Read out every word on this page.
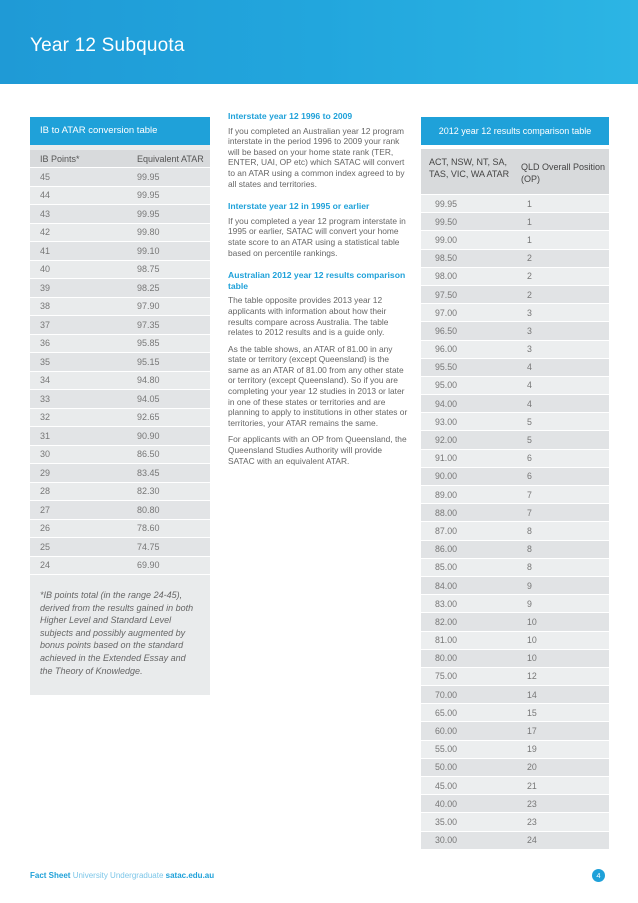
Year 12 Subquota
IB to ATAR conversion table
IB Points*	Equivalent ATAR
45	99.95
44	99.95
43	99.95
42	99.80
41	99.10
40	98.75
39	98.25
38	97.90
37	97.35
36	95.85
35	95.15
34	94.80
33	94.05
32	92.65
31	90.90
30	86.50
29	83.45
28	82.30
27	80.80
26	78.60
25	74.75
24	69.90
*IB points total (in the range 24-45), derived from the results gained in both Higher Level and Standard Level subjects and possibly augmented by bonus points based on the standard achieved in the Extended Essay and the Theory of Knowledge.
Interstate year 12 1996 to 2009

If you completed an Australian year 12 program interstate in the period 1996 to 2009 your rank will be based on your home state rank (TER, ENTER, UAI, OP etc) which SATAC will convert to an ATAR using a common index agreed to by all states and territories.

Interstate year 12 in 1995 or earlier

If you completed a year 12 program interstate in 1995 or earlier, SATAC will convert your home state score to an ATAR using a statistical table based on percentile rankings.

Australian 2012 year 12 results comparison table

The table opposite provides 2013 year 12 applicants with information about how their results compare across Australia. The table relates to 2012 results and is a guide only.

As the table shows, an ATAR of 81.00 in any state or territory (except Queensland) is the same as an ATAR of 81.00 from any other state or territory (except Queensland). So if you are completing your year 12 studies in 2013 or later in one of these states or territories and are planning to apply to institutions in other states or territories, your ATAR remains the same.

For applicants with an OP from Queensland, the Queensland Studies Authority will provide SATAC with an equivalent ATAR.

2012 year 12 results comparison table
ACT, NSW, NT, SA, TAS, VIC, WA ATAR
QLD Overall Position (OP)
99.95	1
99.50	1
99.00	1
98.50	2
98.00	2
97.50	2
97.00	3
96.50	3
96.00	3
95.50	4
95.00	4
94.00	4
93.00	5
92.00	5
91.00	6
90.00	6
89.00	7
88.00	7
87.00	8
86.00	8
85.00	8
84.00	9
83.00	9
82.00	10
81.00	10
80.00	10
75.00	12
70.00	14
65.00	15
60.00	17
55.00	19
50.00	20
45.00	21
40.00	23
35.00	23
30.00	24
Fact Sheet University Undergraduate satac.edu.au	4
